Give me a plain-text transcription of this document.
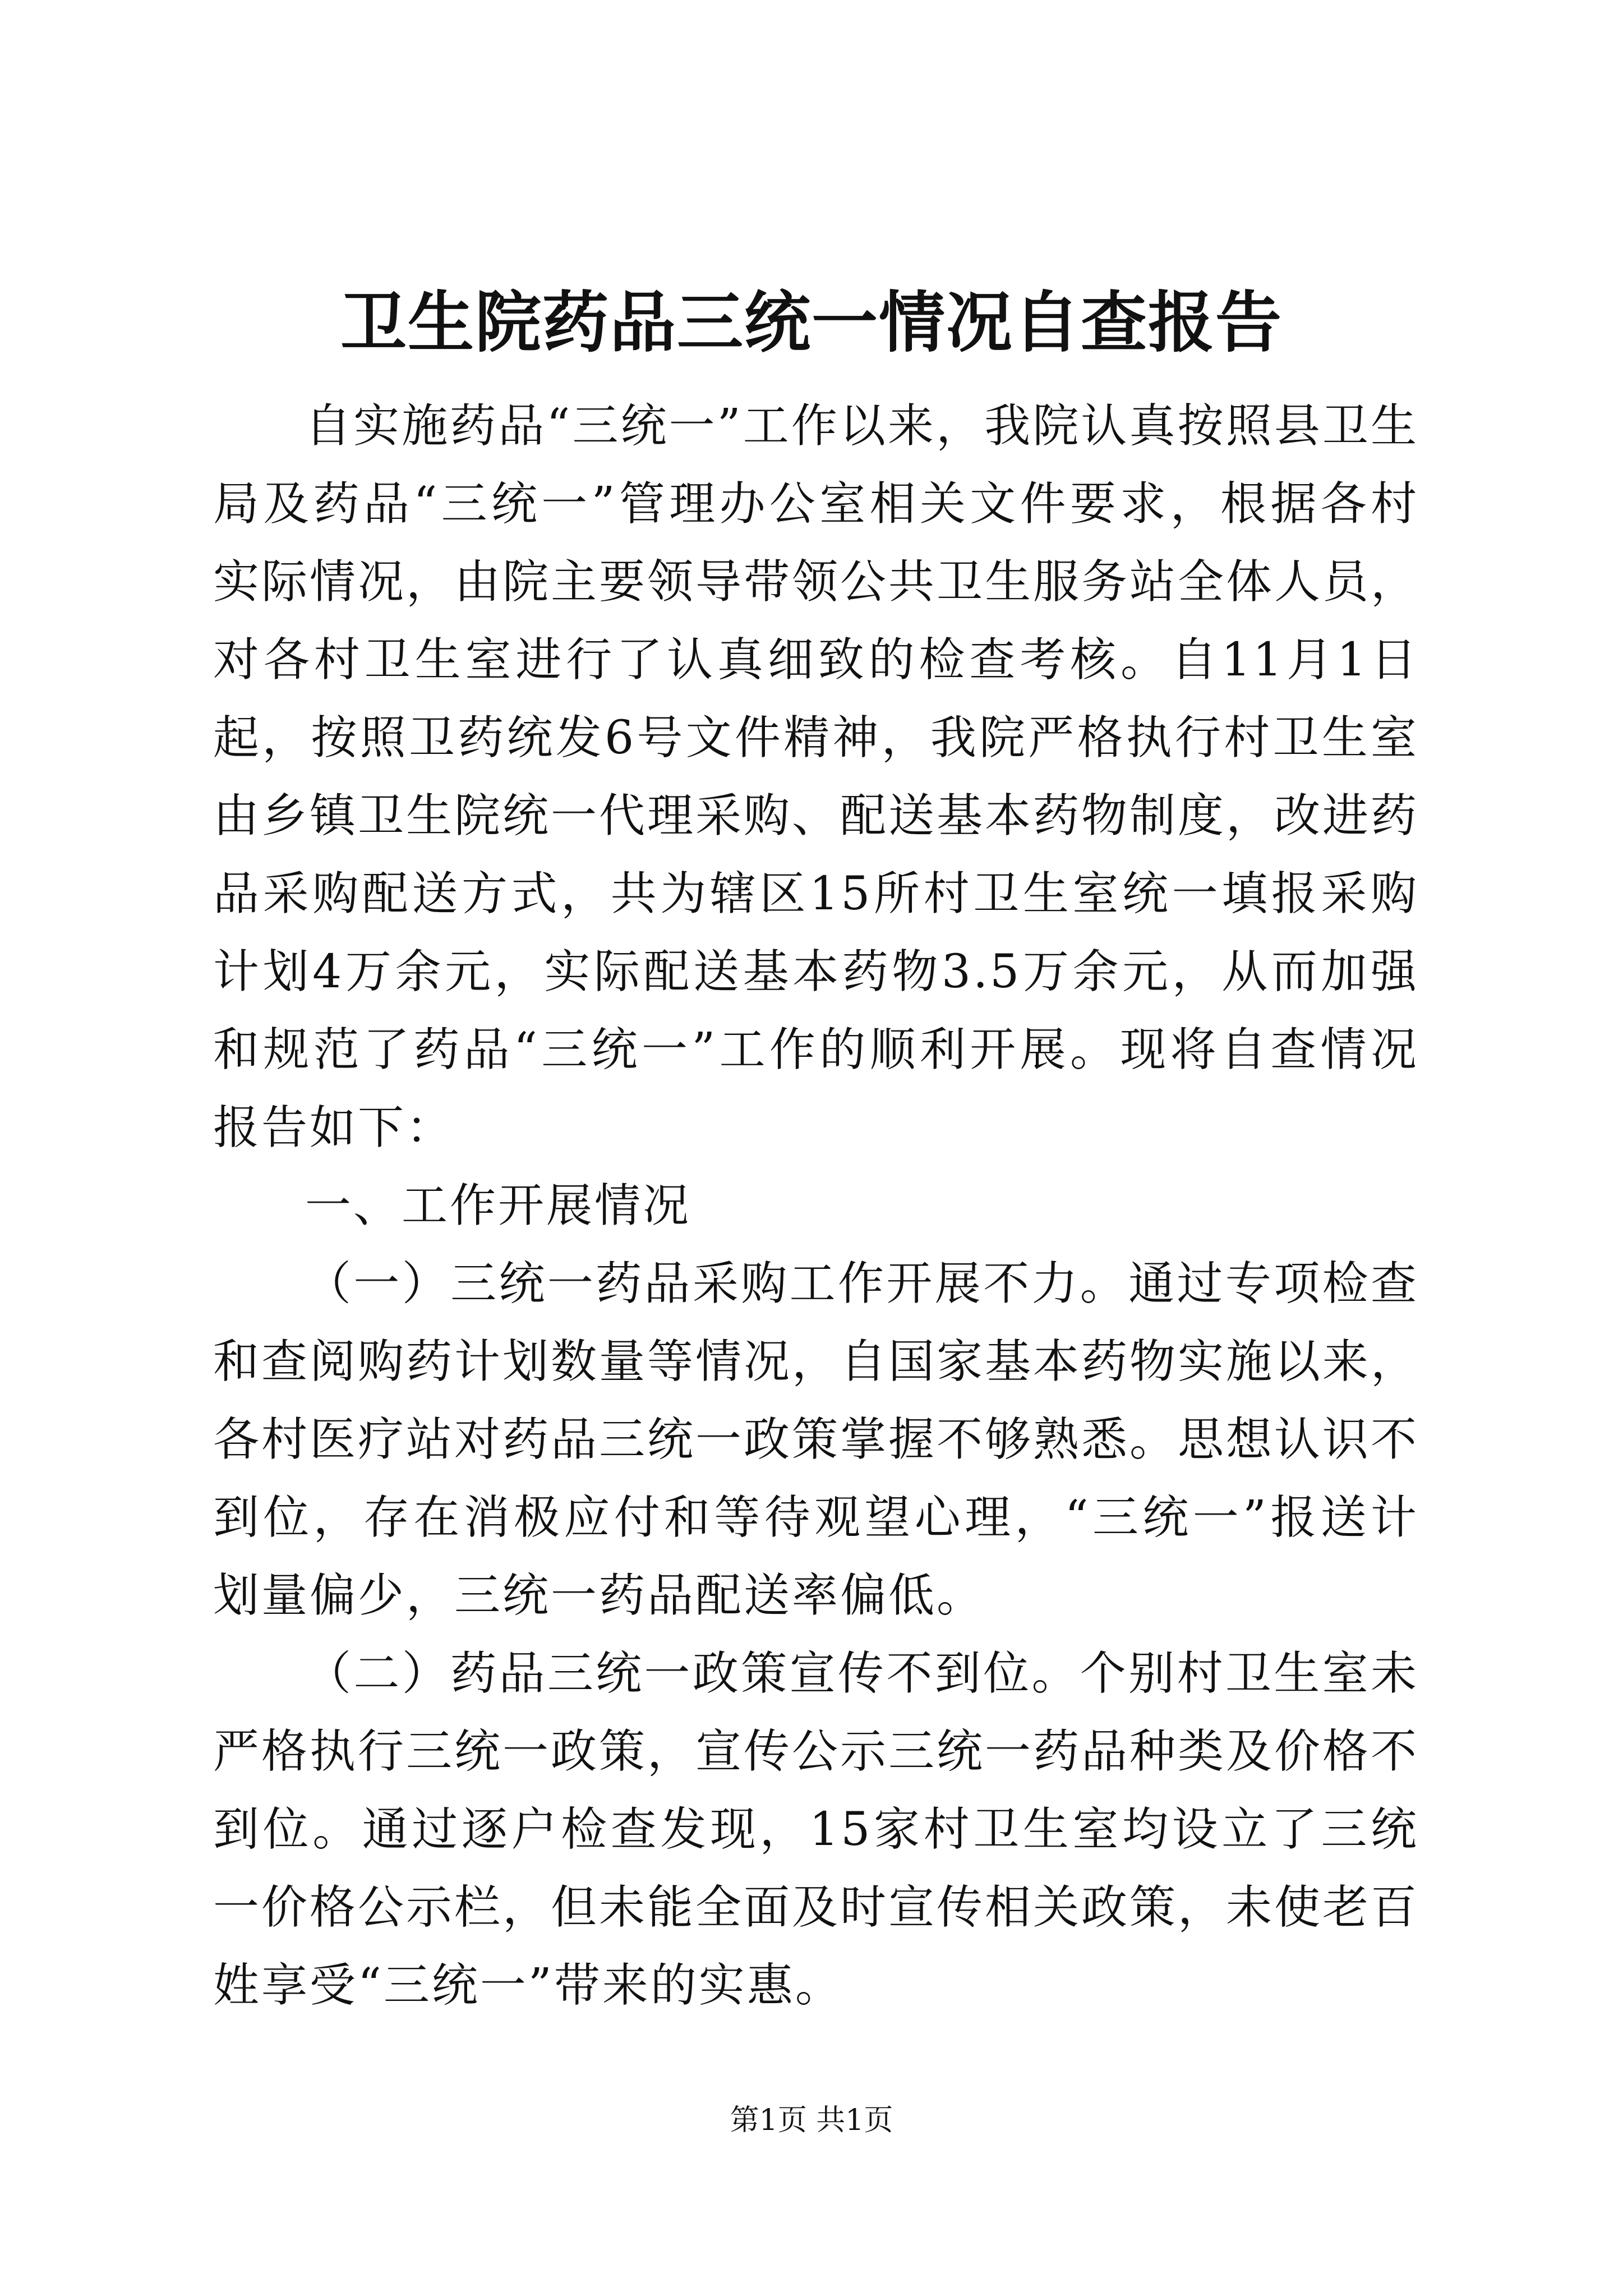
卫生院药品三统一情况自查报告

自实施药品“三统一”工作以来，我院认真按照县卫生局及药品“三统一”管理办公室相关文件要求，根据各村实际情况，由院主要领导带领公共卫生服务站全体人员，对各村卫生室进行了认真细致的检查考核。自11月1日起，按照卫药统发6号文件精神，我院严格执行村卫生室由乡镇卫生院统一代理采购、配送基本药物制度，改进药品采购配送方式，共为辖区15所村卫生室统一填报采购计划4万余元，实际配送基本药物3.5万余元，从而加强和规范了药品“三统一”工作的顺利开展。现将自查情况报告如下：

一、工作开展情况

（一）三统一药品采购工作开展不力。通过专项检查和查阅购药计划数量等情况，自国家基本药物实施以来，各村医疗站对药品三统一政策掌握不够熟悉。思想认识不到位，存在消极应付和等待观望心理，“三统一”报送计划量偏少，三统一药品配送率偏低。

（二）药品三统一政策宣传不到位。个别村卫生室未严格执行三统一政策，宣传公示三统一药品种类及价格不到位。通过逐户检查发现，15家村卫生室均设立了三统一价格公示栏，但未能全面及时宣传相关政策，未使老百姓享受“三统一”带来的实惠。

第1页 共1页
